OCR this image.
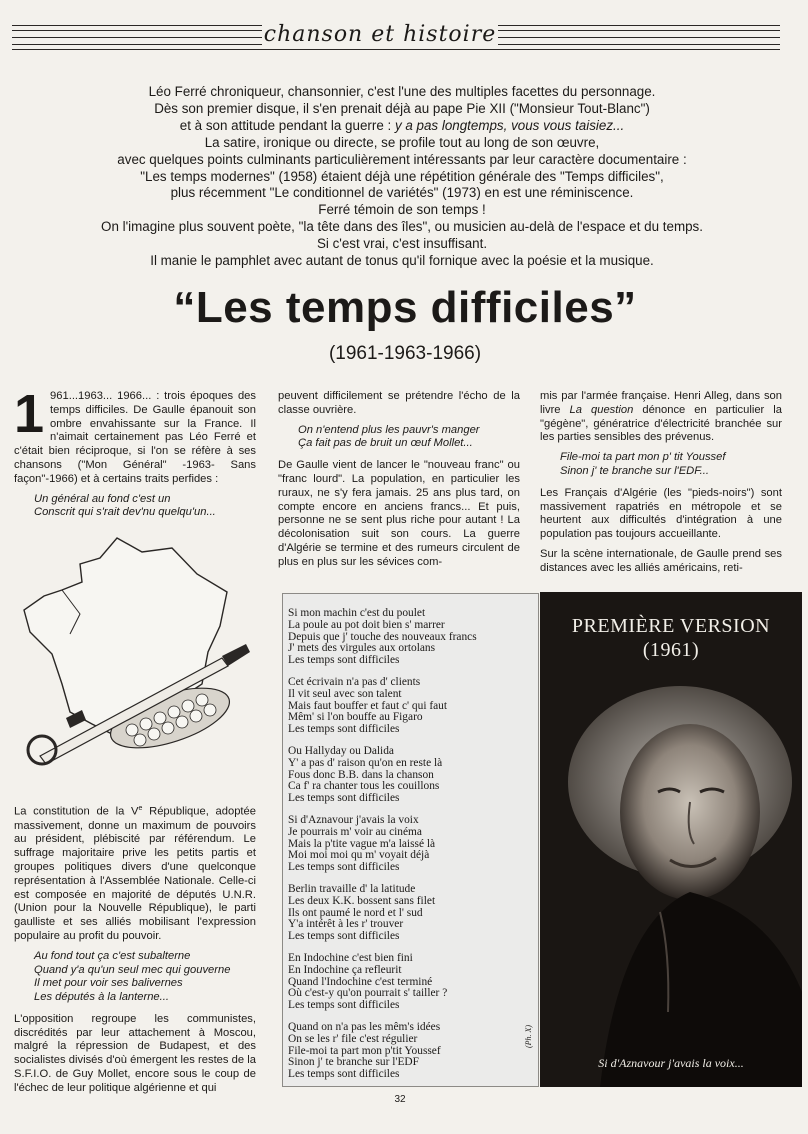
chanson et histoire

Léo Ferré chroniqueur, chansonnier, c'est l'une des multiples facettes du personnage.

Dès son premier disque, il s'en prenait déjà au pape Pie XII ("Monsieur Tout-Blanc")

et à son attitude pendant la guerre : y a pas longtemps, vous vous taisiez...

La satire, ironique ou directe, se profile tout au long de son œuvre,

avec quelques points culminants particulièrement intéressants par leur caractère documentaire :

"Les temps modernes" (1958) étaient déjà une répétition générale des "Temps difficiles",

plus récemment "Le conditionnel de variétés" (1973) en est une réminiscence.

Ferré témoin de son temps !

On l'imagine plus souvent poète, "la tête dans des îles", ou musicien au-delà de l'espace et du temps.

Si c'est vrai, c'est insuffisant.

Il manie le pamphlet avec autant de tonus qu'il fornique avec la poésie et la musique.

“Les temps difficiles”
(1961-1963-1966)

1 961...1963... 1966... : trois époques des temps difficiles. De Gaulle épanouit son ombre envahissante sur la France. Il n'aimait certainement pas Léo Ferré et c'était bien réciproque, si l'on se réfère à ses chansons ("Mon Général" -1963- Sans façon"-1966) et à certains traits perfides :

Un général au fond c'est un
Conscrit qui s'rait dev'nu quelqu'un...

La constitution de la Ve République, adoptée massivement, donne un maximum de pouvoirs au président, plébiscité par référendum. Le suffrage majoritaire prive les petits partis et groupes politiques divers d'une quelconque représentation à l'Assemblée Nationale. Celle-ci est composée en majorité de députés U.N.R. (Union pour la Nouvelle République), le parti gaulliste et ses alliés mobilisant l'expression populaire au profit du pouvoir.

Au fond tout ça c'est subalterne
Quand y'a qu'un seul mec qui gouverne
Il met pour voir ses balivernes
Les députés à la lanterne...

L'opposition regroupe les communistes, discrédités par leur attachement à Moscou, malgré la répression de Budapest, et des socialistes divisés d'où émergent les restes de la S.F.I.O. de Guy Mollet, encore sous le coup de l'échec de leur politique algérienne et qui

peuvent difficilement se prétendre l'écho de la classe ouvrière.

On n'entend plus les pauvr's manger
Ça fait pas de bruit un œuf Mollet...

De Gaulle vient de lancer le "nouveau franc" ou "franc lourd". La population, en particulier les ruraux, ne s'y fera jamais. 25 ans plus tard, on compte encore en anciens francs... Et puis, personne ne se sent plus riche pour autant ! La décolonisation suit son cours. La guerre d'Algérie se termine et des rumeurs circulent de plus en plus sur les sévices com-

mis par l'armée française. Henri Alleg, dans son livre La question dénonce en particulier la "gégène", génératrice d'électricité branchée sur les parties sensibles des prévenus.

File-moi ta part mon p' tit Youssef
Sinon j' te branche sur l'EDF...

Les Français d'Algérie (les "pieds-noirs") sont massivement rapatriés en métropole et se heurtent aux difficultés d'intégration à une population pas toujours accueillante.

Sur la scène internationale, de Gaulle prend ses distances avec les alliés américains, reti-

Si mon machin c'est du poulet
La poule au pot doit bien s' marrer
Depuis que j' touche des nouveaux francs
J' mets des virgules aux ortolans
Les temps sont difficiles
Cet écrivain n'a pas d' clients
Il vit seul avec son talent
Mais faut bouffer et faut c' qui faut
Mêm' si l'on bouffe au Figaro
Les temps sont difficiles
Ou Hallyday ou Dalida
Y' a pas d' raison qu'on en reste là
Fous donc B.B. dans la chanson
Ca f' ra chanter tous les couillons
Les temps sont difficiles
Si d'Aznavour j'avais la voix
Je pourrais m' voir au cinéma
Mais la p'tite vague m'a laissé là
Moi moi moi qu m' voyait déjà
Les temps sont difficiles
Berlin travaille d' la latitude
Les deux K.K. bossent sans filet
Ils ont paumé le nord et l' sud
Y'a intérêt à les r' trouver
Les temps sont difficiles
En Indochine c'est bien fini
En Indochine ça refleurit
Quand l'Indochine c'est terminé
Où c'est-y qu'on pourrait s' tailler ?
Les temps sont difficiles
Quand on n'a pas les mêm's idées
On se les r' file c'est régulier
File-moi ta part mon p'tit Youssef
Sinon j' te branche sur l'EDF
Les temps sont difficiles
(Ph. X)
PREMIÈRE VERSION
(1961)
Si d'Aznavour j'avais la voix...
32
